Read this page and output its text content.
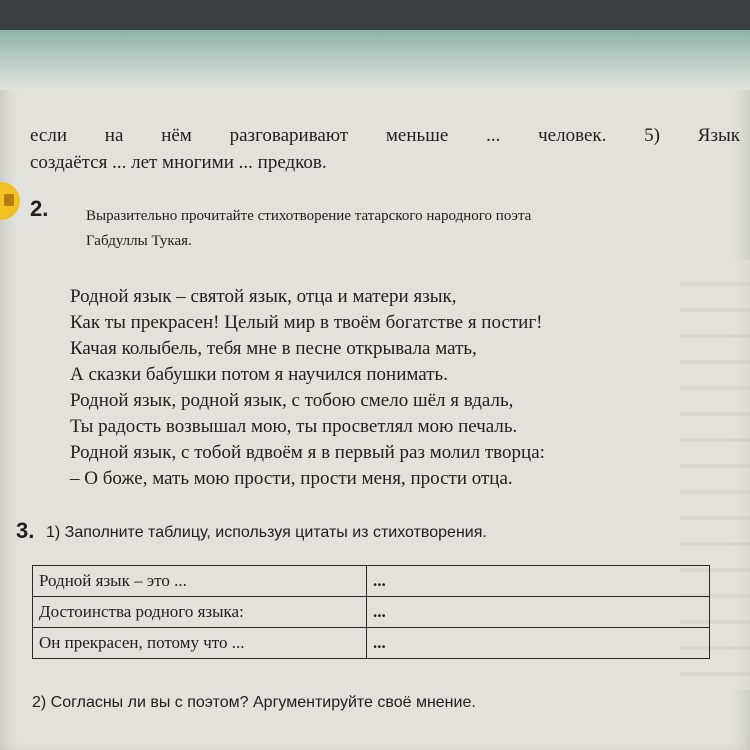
если на нём разговаривают меньше ... человек. 5) Язык
создаётся ... лет многими ... предков.
2.	Выразительно прочитайте стихотворение татарского народного поэта
Габдуллы Тукая.
Родной язык – святой язык, отца и матери язык,
Как ты прекрасен! Целый мир в твоём богатстве я постиг!
Качая колыбель, тебя мне в песне открывала мать,
А сказки бабушки потом я научился понимать.
Родной язык, родной язык, с тобою смело шёл я вдаль,
Ты радость возвышал мою, ты просветлял мою печаль.
Родной язык, с тобой вдвоём я в первый раз молил творца:
– О боже, мать мою прости, прости меня, прости отца.
3. 1) Заполните таблицу, используя цитаты из стихотворения.
Родной язык – это ...	...
Достоинства родного языка:	...
Он прекрасен, потому что ...	...
2) Согласны ли вы с поэтом? Аргументируйте своё мнение.
